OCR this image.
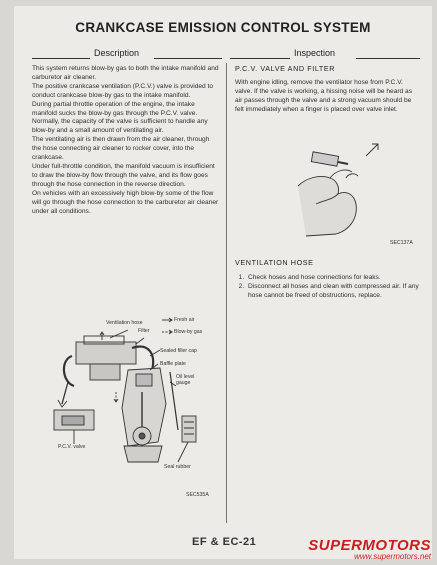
CRANKCASE EMISSION CONTROL SYSTEM
Description	Inspection

This system returns blow-by gas to both the intake manifold and carburetor air cleaner.

The positive crankcase ventilation (P.C.V.) valve is provided to conduct crankcase blow-by gas to the intake manifold.

During partial throttle operation of the engine, the intake manifold sucks the blow-by gas through the P.C.V. valve.

Normally, the capacity of the valve is sufficient to handle any blow-by and a small amount of ventilating air.

The ventilating air is then drawn from the air cleaner, through the hose connecting air cleaner to rocker cover, into the crankcase.

Under full-throttle condition, the manifold vacuum is insufficient to draw the blow-by flow through the valve, and its flow goes through the hose connection in the reverse direction.

On vehicles with an excessively high blow-by some of the flow will go through the hose connection to the carburetor air cleaner under all conditions.

Ventilation hose
Filter
Fresh air
Blow-by gas
Sealed filler cap
Baffle plate
Oil level gauge
P.C.V. valve
Seal rubber
SEC535A
P.C.V. VALVE AND FILTER

With engine idling, remove the ventilator hose from P.C.V. valve. If the valve is working, a hissing noise will be heard as air passes through the valve and a strong vacuum should be felt immediately when a finger is placed over valve inlet.

SEC137A
VENTILATION HOSE
1. Check hoses and hose connections for leaks.
2. Disconnect all hoses and clean with compressed air. If any hose cannot be freed of obstructions, replace.
EF & EC-21	SUPERMOTORS
www.supermotors.net
